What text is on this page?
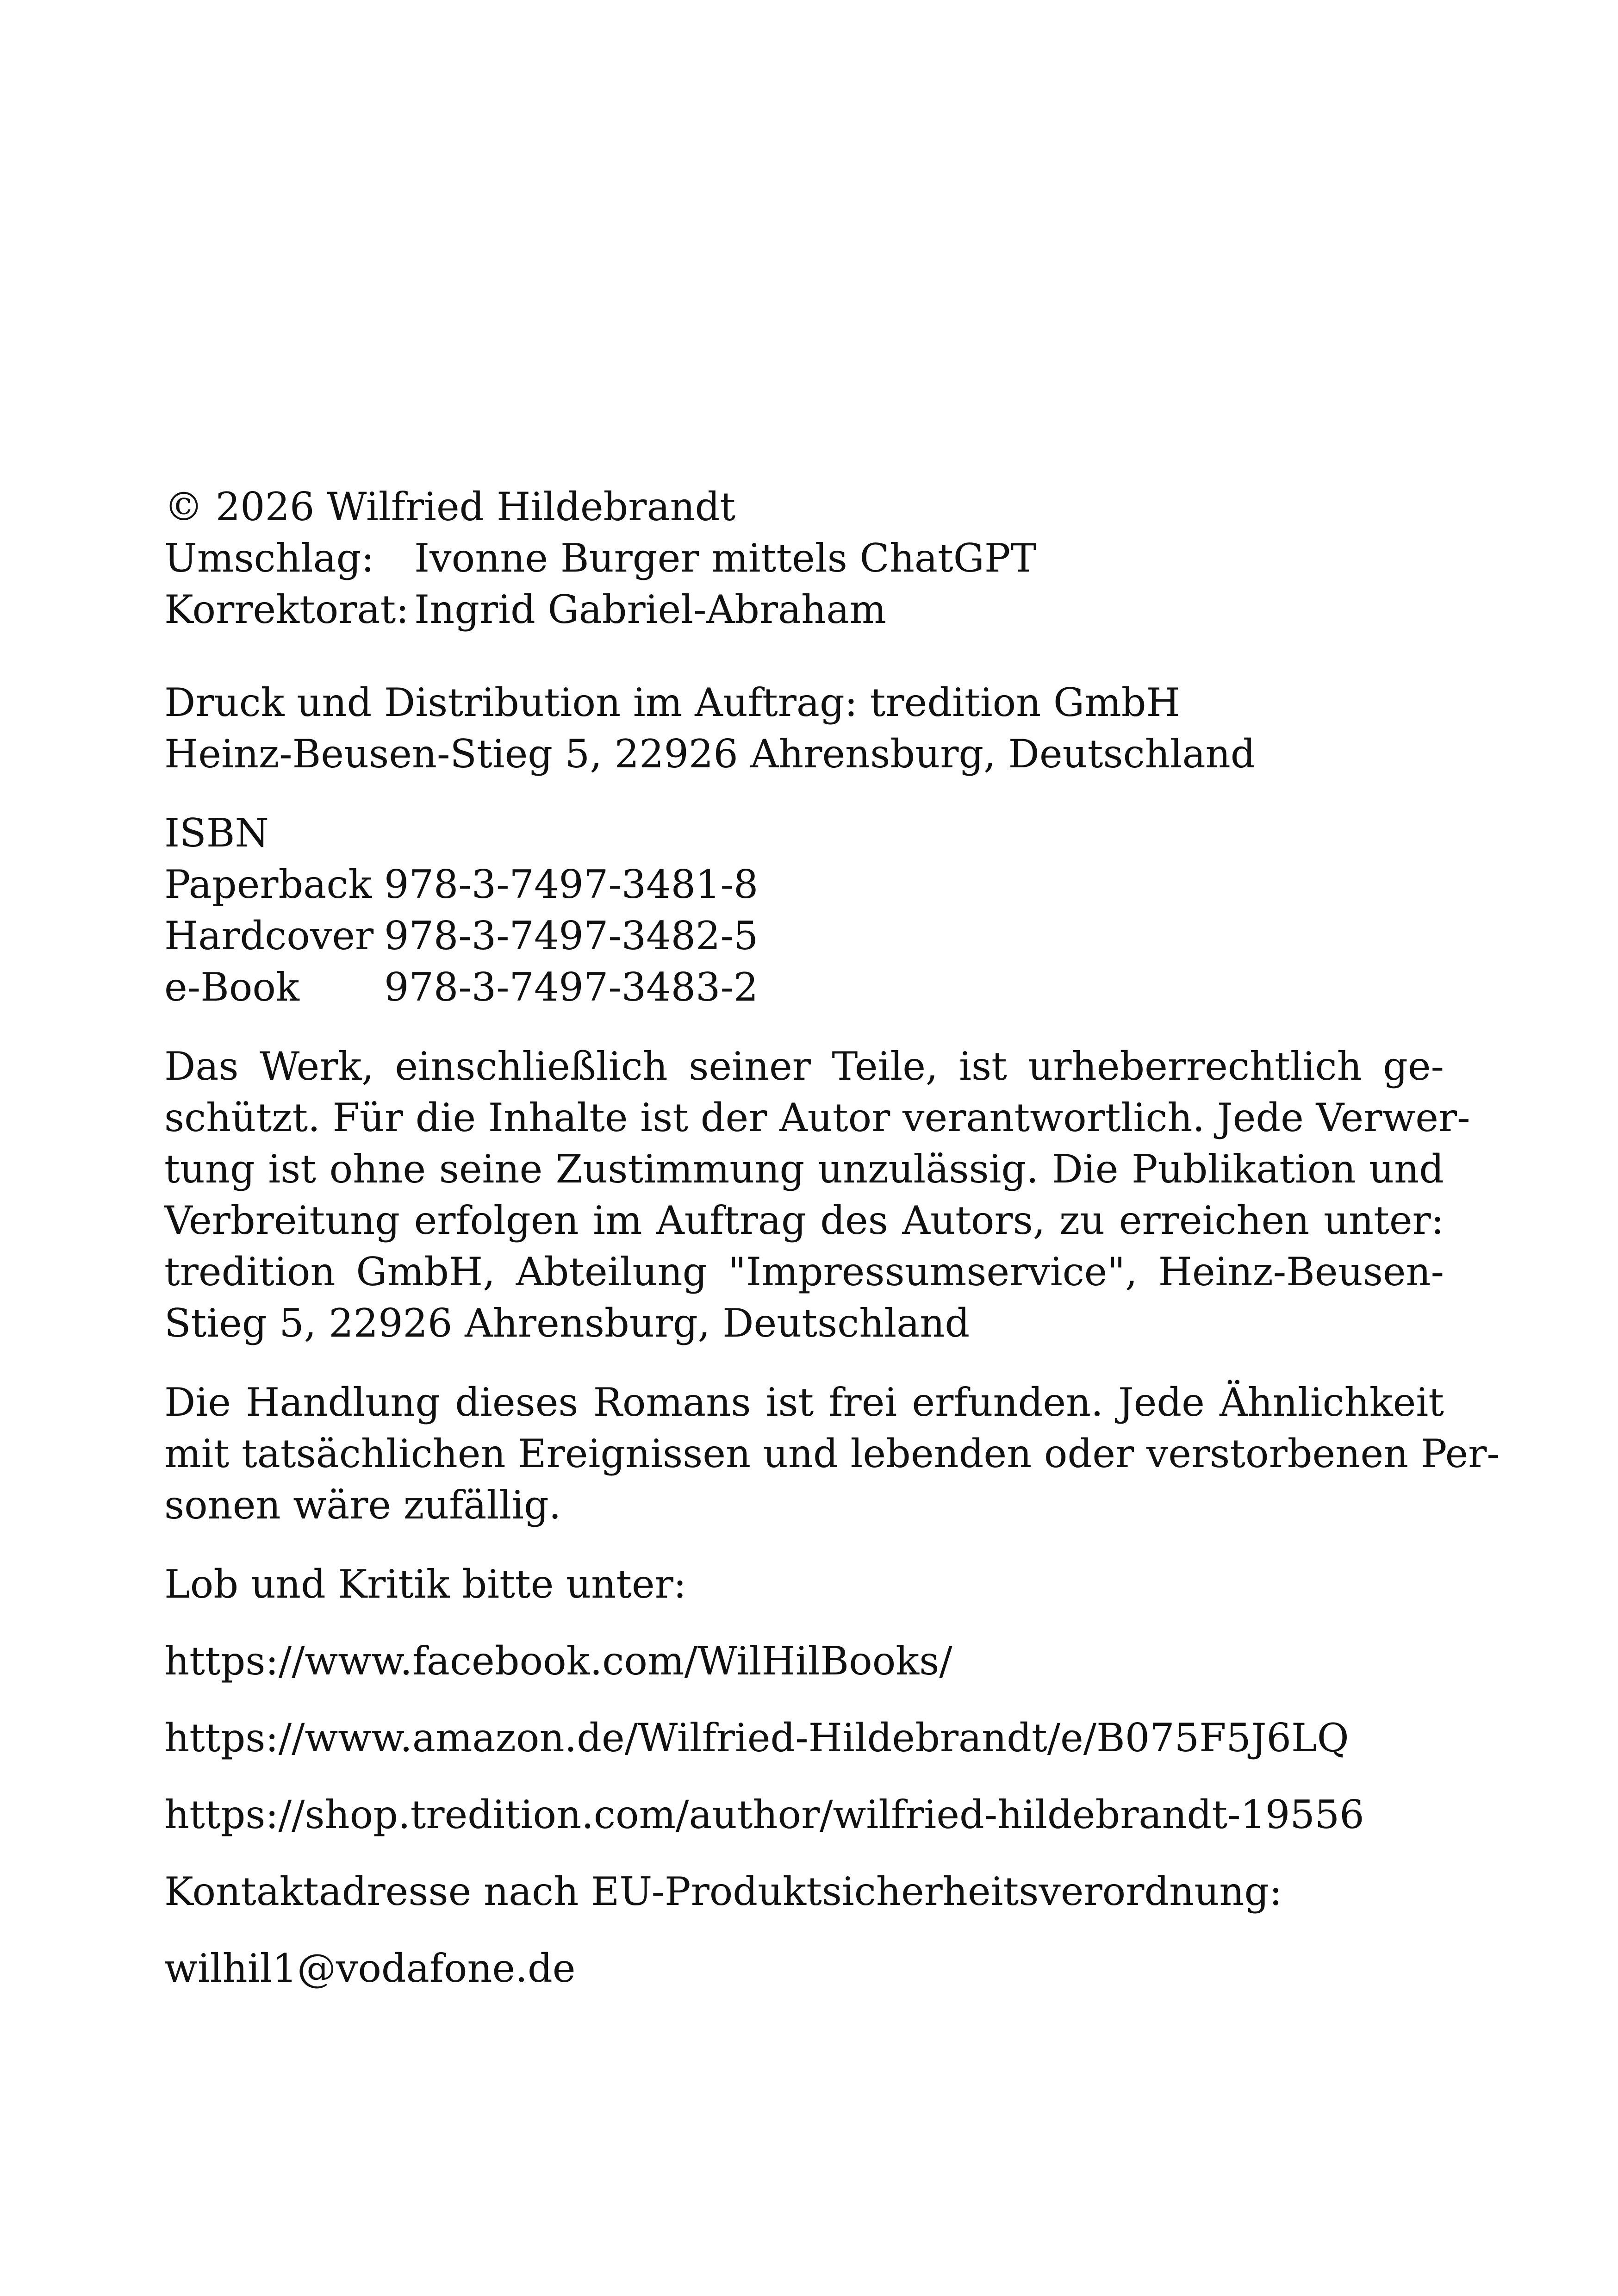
© 2026 Wilfried Hildebrandt
Umschlag:	Ivonne Burger mittels ChatGPT
Korrektorat: Ingrid Gabriel-Abraham
Druck und Distribution im Auftrag: tredition GmbH
Heinz-Beusen-Stieg 5, 22926 Ahrensburg, Deutschland
ISBN
Paperback 978-3-7497-3481-8
Hardcover 978-3-7497-3482-5
e-Book	978-3-7497-3483-2
Das Werk, einschließlich seiner Teile, ist urheberrechtlich ge-
schützt. Für die Inhalte ist der Autor verantwortlich. Jede Verwer-
tung ist ohne seine Zustimmung unzulässig. Die Publikation und
Verbreitung erfolgen im Auftrag des Autors, zu erreichen unter:
tredition GmbH, Abteilung "Impressumservice", Heinz-Beusen-
Stieg 5, 22926 Ahrensburg, Deutschland
Die Handlung dieses Romans ist frei erfunden. Jede Ähnlichkeit
mit tatsächlichen Ereignissen und lebenden oder verstorbenen Per-
sonen wäre zufällig.
Lob und Kritik bitte unter:
https://www.facebook.com/WilHilBooks/
https://www.amazon.de/Wilfried-Hildebrandt/e/B075F5J6LQ
https://shop.tredition.com/author/wilfried-hildebrandt-19556
Kontaktadresse nach EU-Produktsicherheitsverordnung:
wilhil1@vodafone.de
